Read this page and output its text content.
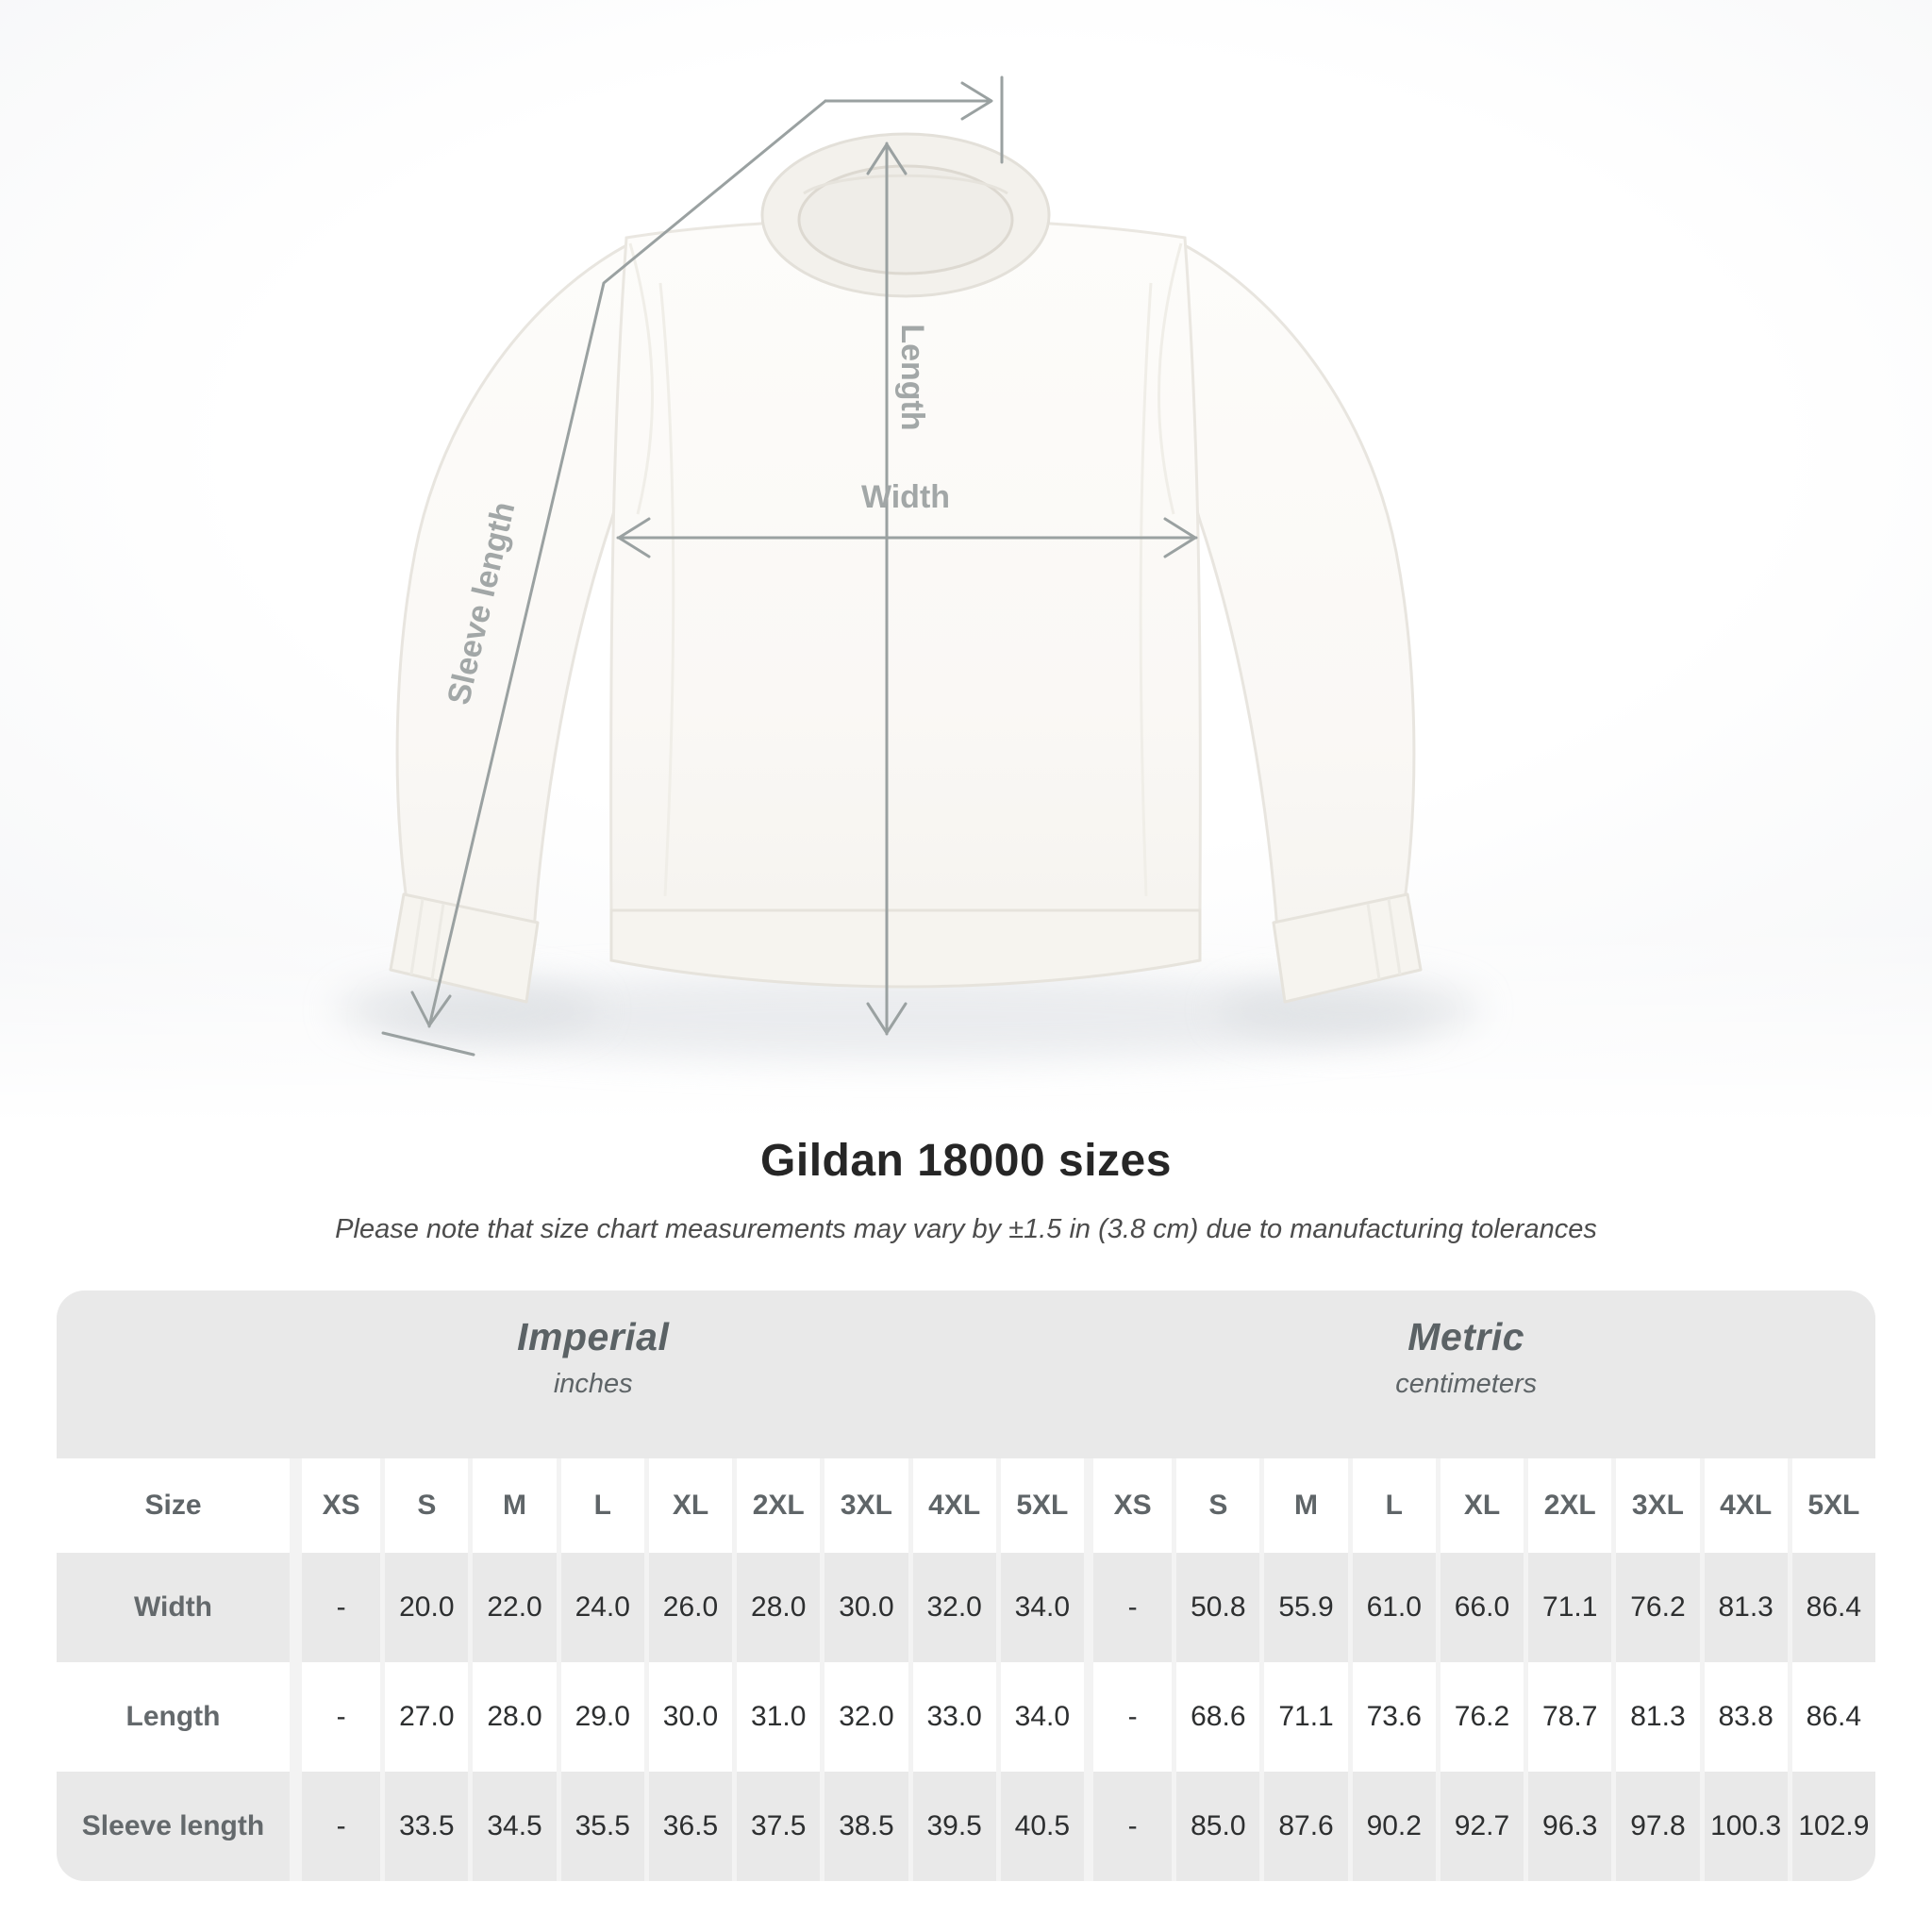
Length
Width
Sleeve length
Gildan 18000 sizes
Please note that size chart measurements may vary by ±1.5 in (3.8 cm) due to manufacturing tolerances
Imperial
inches
Metric
centimeters
Size	XS	S	M	L	XL	2XL	3XL	4XL	5XL	XS	S	M	L	XL	2XL	3XL	4XL	5XL
Width	-	20.0	22.0	24.0	26.0	28.0	30.0	32.0	34.0	-	50.8	55.9	61.0	66.0	71.1	76.2	81.3	86.4
Length	-	27.0	28.0	29.0	30.0	31.0	32.0	33.0	34.0	-	68.6	71.1	73.6	76.2	78.7	81.3	83.8	86.4
Sleeve length	-	33.5	34.5	35.5	36.5	37.5	38.5	39.5	40.5	-	85.0	87.6	90.2	92.7	96.3	97.8 100.3 102.9
